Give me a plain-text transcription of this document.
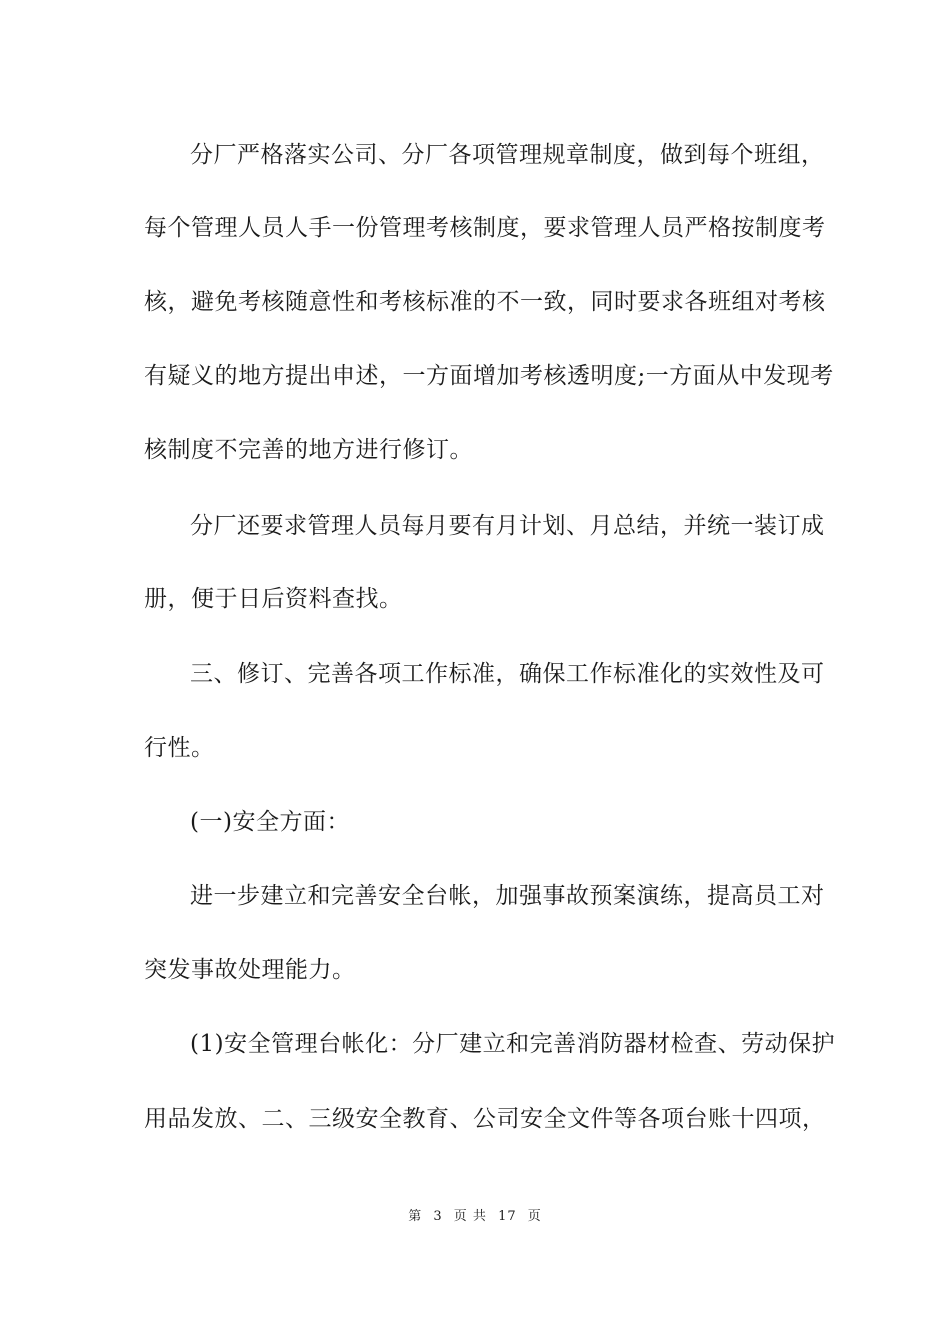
分厂严格落实公司、分厂各项管理规章制度，做到每个班组，
每个管理人员人手一份管理考核制度，要求管理人员严格按制度考
核，避免考核随意性和考核标准的不一致，同时要求各班组对考核
有疑义的地方提出申述，一方面增加考核透明度;一方面从中发现考
核制度不完善的地方进行修订。
分厂还要求管理人员每月要有月计划、月总结，并统一装订成
册，便于日后资料查找。
三、修订、完善各项工作标准，确保工作标准化的实效性及可
行性。
(一)安全方面：
进一步建立和完善安全台帐，加强事故预案演练，提高员工对
突发事故处理能力。
(1)安全管理台帐化：分厂建立和完善消防器材检查、劳动保护
用品发放、二、三级安全教育、公司安全文件等各项台账十四项，
第 3 页 共 17 页
